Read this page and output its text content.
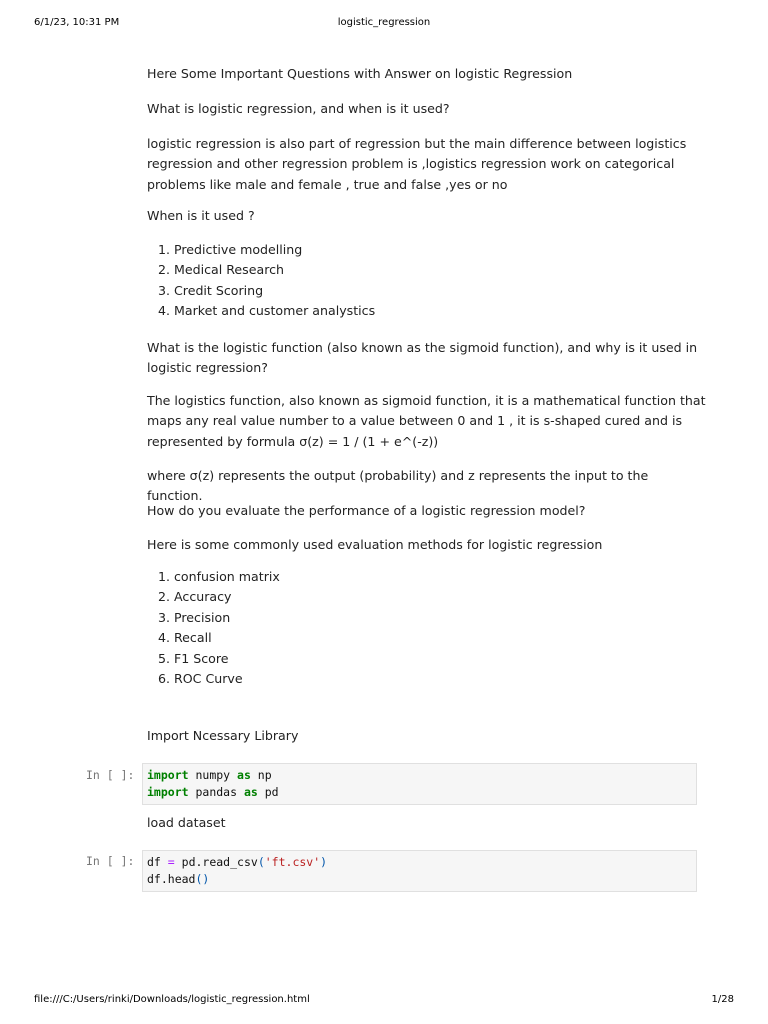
6/1/23, 10:31 PM	logistic_regression

Here Some Important Questions with Answer on logistic Regression

What is logistic regression, and when is it used?

logistic regression is also part of regression but the main difference between logistics

regression and other regression problem is ,logistics regression work on categorical

problems like male and female , true and false ,yes or no

When is it used ?

1. Predictive modelling
2. Medical Research
3. Credit Scoring
4. Market and customer analystics

What is the logistic function (also known as the sigmoid function), and why is it used in

logistic regression?

The logistics function, also known as sigmoid function, it is a mathematical function that

maps any real value number to a value between 0 and 1 , it is s-shaped cured and is

represented by formula σ(z) = 1 / (1 + e^(-z))

where σ(z) represents the output (probability) and z represents the input to the function.

How do you evaluate the performance of a logistic regression model?

Here is some commonly used evaluation methods for logistic regression

1. confusion matrix
2. Accuracy
3. Precision
4. Recall
5. F1 Score
6. ROC Curve

Import Ncessary Library

In [ ]:	import numpy as np
import pandas as pd

load dataset

In [ ]:	df = pd.read_csv('ft.csv')
df.head()
file:///C:/Users/rinki/Downloads/logistic_regression.html	1/28
